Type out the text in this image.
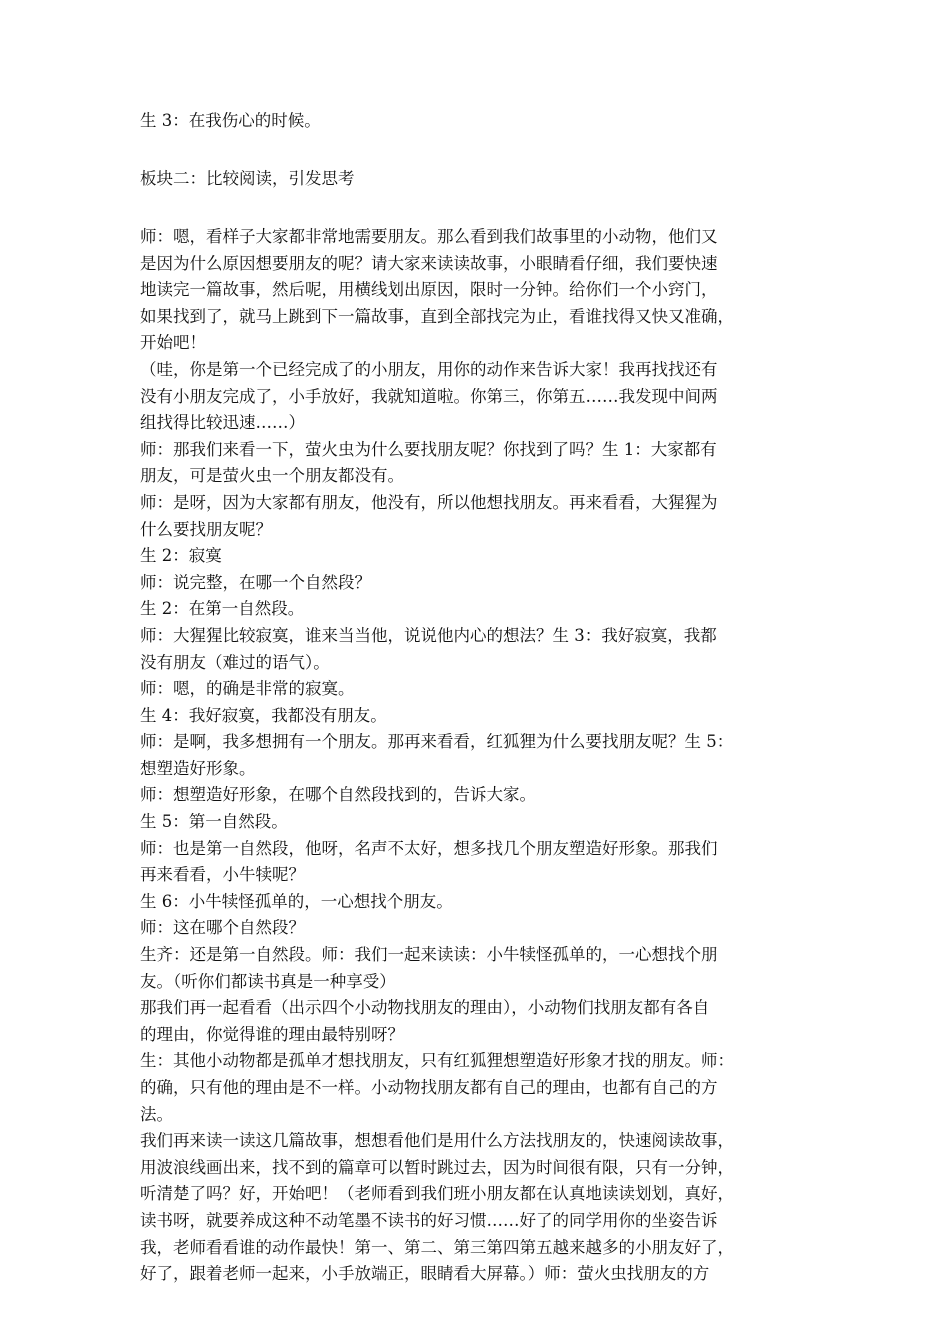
生 3：在我伤心的时候。

板块二：比较阅读，引发思考

师：嗯，看样子大家都非常地需要朋友。那么看到我们故事里的小动物，他们又
是因为什么原因想要朋友的呢？请大家来读读故事，小眼睛看仔细，我们要快速
地读完一篇故事，然后呢，用横线划出原因，限时一分钟。给你们一个小窍门，
如果找到了，就马上跳到下一篇故事，直到全部找完为止，看谁找得又快又准确，
开始吧！
（哇，你是第一个已经完成了的小朋友，用你的动作来告诉大家！我再找找还有
没有小朋友完成了，小手放好，我就知道啦。你第三，你第五……我发现中间两
组找得比较迅速……）
师：那我们来看一下，萤火虫为什么要找朋友呢？你找到了吗？生 1：大家都有
朋友，可是萤火虫一个朋友都没有。
师：是呀，因为大家都有朋友，他没有，所以他想找朋友。再来看看，大猩猩为
什么要找朋友呢？
生 2：寂寞
师：说完整，在哪一个自然段？
生 2：在第一自然段。
师：大猩猩比较寂寞，谁来当当他，说说他内心的想法？生 3：我好寂寞，我都
没有朋友（难过的语气）。
师：嗯，的确是非常的寂寞。
生 4：我好寂寞，我都没有朋友。
师：是啊，我多想拥有一个朋友。那再来看看，红狐狸为什么要找朋友呢？生 5：
想塑造好形象。
师：想塑造好形象，在哪个自然段找到的，告诉大家。
生 5：第一自然段。
师：也是第一自然段，他呀，名声不太好，想多找几个朋友塑造好形象。那我们
再来看看，小牛犊呢？
生 6：小牛犊怪孤单的，一心想找个朋友。
师：这在哪个自然段？
生齐：还是第一自然段。师：我们一起来读读：小牛犊怪孤单的，一心想找个朋
友。（听你们都读书真是一种享受）
那我们再一起看看（出示四个小动物找朋友的理由），小动物们找朋友都有各自
的理由，你觉得谁的理由最特别呀？
生：其他小动物都是孤单才想找朋友，只有红狐狸想塑造好形象才找的朋友。师：
的确，只有他的理由是不一样。小动物找朋友都有自己的理由，也都有自己的方
法。
我们再来读一读这几篇故事，想想看他们是用什么方法找朋友的，快速阅读故事，
用波浪线画出来，找不到的篇章可以暂时跳过去，因为时间很有限，只有一分钟，
听清楚了吗？好，开始吧！（老师看到我们班小朋友都在认真地读读划划，真好，
读书呀，就要养成这种不动笔墨不读书的好习惯……好了的同学用你的坐姿告诉
我，老师看看谁的动作最快！第一、第二、第三第四第五越来越多的小朋友好了，
好了，跟着老师一起来，小手放端正，眼睛看大屏幕。）师：萤火虫找朋友的方
